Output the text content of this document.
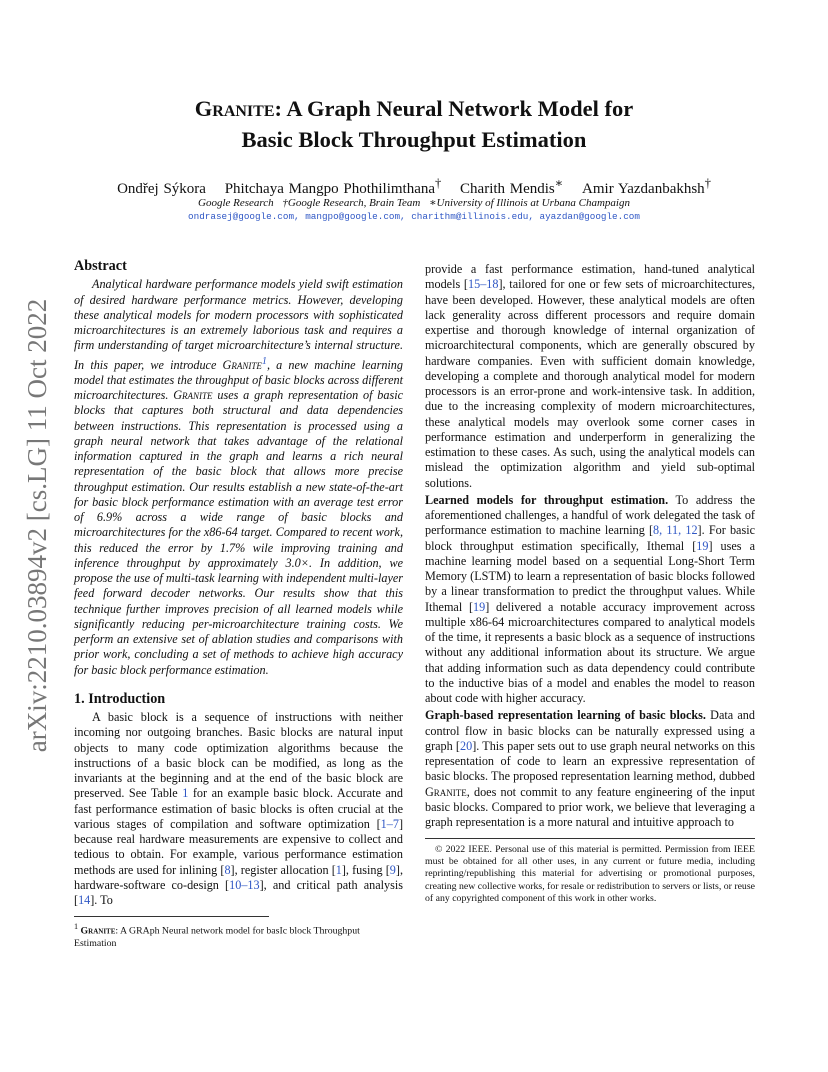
arXiv:2210.03894v2 [cs.LG] 11 Oct 2022
Granite: A Graph Neural Network Model for
Basic Block Throughput Estimation
Ondřej Sýkora Phitchaya Mangpo Phothilimthana† Charith Mendis∗ Amir Yazdanbakhsh†
Google Research †Google Research, Brain Team ∗University of Illinois at Urbana Champaign
ondrasej@google.com, mangpo@google.com, charithm@illinois.edu, ayazdan@google.com
Abstract

Analytical hardware performance models yield swift estimation of desired hardware performance metrics. However, developing these analytical models for modern processors with sophisticated microarchitectures is an extremely laborious task and requires a firm understanding of target microarchitecture’s internal structure. In this paper, we introduce Granite$^1$, a new machine learning model that estimates the throughput of basic blocks across different microarchitectures. Granite uses a graph representation of basic blocks that captures both structural and data dependencies between instructions. This representation is processed using a graph neural network that takes advantage of the relational information captured in the graph and learns a rich neural representation of the basic block that allows more precise throughput estimation. Our results establish a new state-of-the-art for basic block performance estimation with an average test error of 6.9% across a wide range of basic blocks and microarchitectures for the x86-64 target. Compared to recent work, this reduced the error by 1.7% wile improving training and inference throughput by approximately 3.0×. In addition, we propose the use of multi-task learning with independent multi-layer feed forward decoder networks. Our results show that this technique further improves precision of all learned models while significantly reducing per-microarchitecture training costs. We perform an extensive set of ablation studies and comparisons with prior work, concluding a set of methods to achieve high accuracy for basic block performance estimation.

1. Introduction

A basic block is a sequence of instructions with neither incoming nor outgoing branches. Basic blocks are natural input objects to many code optimization algorithms because the instructions of a basic block can be modified, as long as the invariants at the beginning and at the end of the basic block are preserved. See Table 1 for an example basic block. Accurate and fast performance estimation of basic blocks is often crucial at the various stages of compilation and software optimization [1–7] because real hardware measurements are expensive to collect and tedious to obtain. For example, various performance estimation methods are used for inlining [8], register allocation [1], fusing [9], hardware-software co-design [10–13], and critical path analysis [14]. To

$^1$ Granite: A GRAph Neural network model for basIc block Throughput Estimation

provide a fast performance estimation, hand-tuned analytical models [15–18], tailored for one or few sets of microarchitectures, have been developed. However, these analytical models are often lack generality across different processors and require domain expertise and thorough knowledge of internal organization of microarchitectural components, which are generally obscured by hardware companies. Even with sufficient domain knowledge, developing a complete and thorough analytical model for modern processors is an error-prone and work-intensive task. In addition, due to the increasing complexity of modern microarchitectures, these analytical models may overlook some corner cases in performance estimation and underperform in generalizing the estimation to these cases. As such, using the analytical models can mislead the optimization algorithm and yield sub-optimal solutions.

Learned models for throughput estimation. To address the aforementioned challenges, a handful of work delegated the task of performance estimation to machine learning [8, 11, 12]. For basic block throughput estimation specifically, Ithemal [19] uses a machine learning model based on a sequential Long-Short Term Memory (LSTM) to learn a representation of basic blocks followed by a linear transformation to predict the throughput values. While Ithemal [19] delivered a notable accuracy improvement across multiple x86-64 microarchitectures compared to analytical models of the time, it represents a basic block as a sequence of instructions without any additional information about its structure. We argue that adding information such as data dependency could contribute to the inductive bias of a model and enables the model to reason about code with higher accuracy.

Graph-based representation learning of basic blocks. Data and control flow in basic blocks can be naturally expressed using a graph [20]. This paper sets out to use graph neural networks on this representation of code to learn an expressive representation of basic blocks. The proposed representation learning method, dubbed Granite, does not commit to any feature engineering of the input basic blocks. Compared to prior work, we believe that leveraging a graph representation is a more natural and intuitive approach to

© 2022 IEEE. Personal use of this material is permitted. Permission from IEEE must be obtained for all other uses, in any current or future media, including reprinting/republishing this material for advertising or promotional purposes, creating new collective works, for resale or redistribution to servers or lists, or reuse of any copyrighted component of this work in other works.
